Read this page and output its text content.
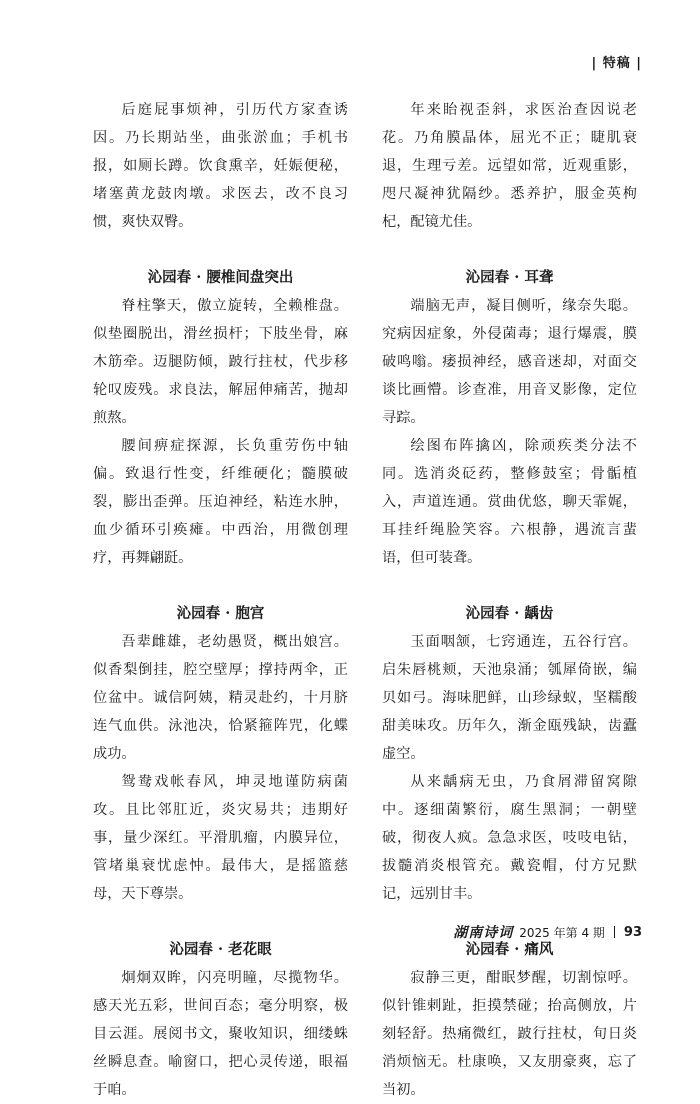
| 特稿 |

后庭屁事烦神，引历代方家查诱因。乃长期站坐，曲张淤血；手机书报，如厕长蹲。饮食熏辛，妊娠便秘，堵塞黄龙鼓肉墩。求医去，改不良习惯，爽快双臀。

沁园春 · 腰椎间盘突出

脊柱擎天，傲立旋转，全赖椎盘。似垫圈脱出，滑丝损杆；下肢坐骨，麻木筋牵。迈腿防倾，跛行拄杖，代步移轮叹废残。求良法，解屈伸痛苦，抛却煎熬。

腰间痹症探源，长负重劳伤中轴偏。致退行性变，纤维硬化；髓膜破裂，膨出歪弹。压迫神经，粘连水肿，血少循环引痪瘫。中西治，用微创理疗，再舞翩跹。

沁园春 · 胞宫

吾辈雌雄，老幼愚贤，概出娘宫。似香梨倒挂，腔空壁厚；撑持两伞，正位盆中。诚信阿姨，精灵赴约，十月脐连气血供。泳池决，恰紧箍阵咒，化蝶成功。

鸳鸯戏帐春风，坤灵地谨防病菌攻。且比邻肛近，炎灾易共；违期好事，量少深红。平滑肌瘤，内膜异位，管堵巢衰忧虑忡。最伟大，是摇篮慈母，天下尊崇。

沁园春 · 老花眼

炯炯双眸，闪亮明瞳，尽揽物华。感天光五彩，世间百态；毫分明察，极目云涯。展阅书文，聚收知识，细缕蛛丝瞬息查。喻窗口，把心灵传递，眼福于咱。

年来眙视歪斜，求医治查因说老花。乃角膜晶体，屈光不正；睫肌衰退，生理亏差。远望如常，近观重影，咫尺凝神犹隔纱。悉养护，服金英枸杞，配镜尤佳。

沁园春 · 耳聋

端脑无声，凝目侧听，缘奈失聪。究病因症象，外侵菌毒；退行爆震，膜破鸣嗡。痿损神经，感音迷却，对面交谈比画懵。诊查准，用音叉影像，定位寻踪。

绘图布阵擒凶，除顽疾类分法不同。选消炎砭药，整修鼓室；骨骺植入，声道连通。赏曲优悠，聊天霏娓，耳挂纤绳脸笑容。六根静，遇流言蜚语，但可装聋。

沁园春 · 龋齿

玉面咽颔，七窍通连，五谷行宫。启朱唇桃颊，天池泉涌；瓠犀倚嵌，编贝如弓。海味肥鲜，山珍绿蚁，坚糯酸甜美味攻。历年久，渐金瓯残缺，齿蠹虚空。

从来龋病无虫，乃食屑滞留窝隙中。逐细菌繁衍，腐生黑洞；一朝壁破，彻夜人疯。急急求医，吱吱电钻，拔髓消炎根管充。戴瓷帽，付方兄默记，远别甘丰。

沁园春 · 痛风

寂静三更，酣眠梦醒，切割惊呼。似针锥剌趾，拒摸禁碰；抬高侧放，片刻轻舒。热痛微红，跛行拄杖，旬日炎消烦恼无。杜康唤，又友朋豪爽，忘了当初。

湖南诗词 2025 年第 4 期 93
